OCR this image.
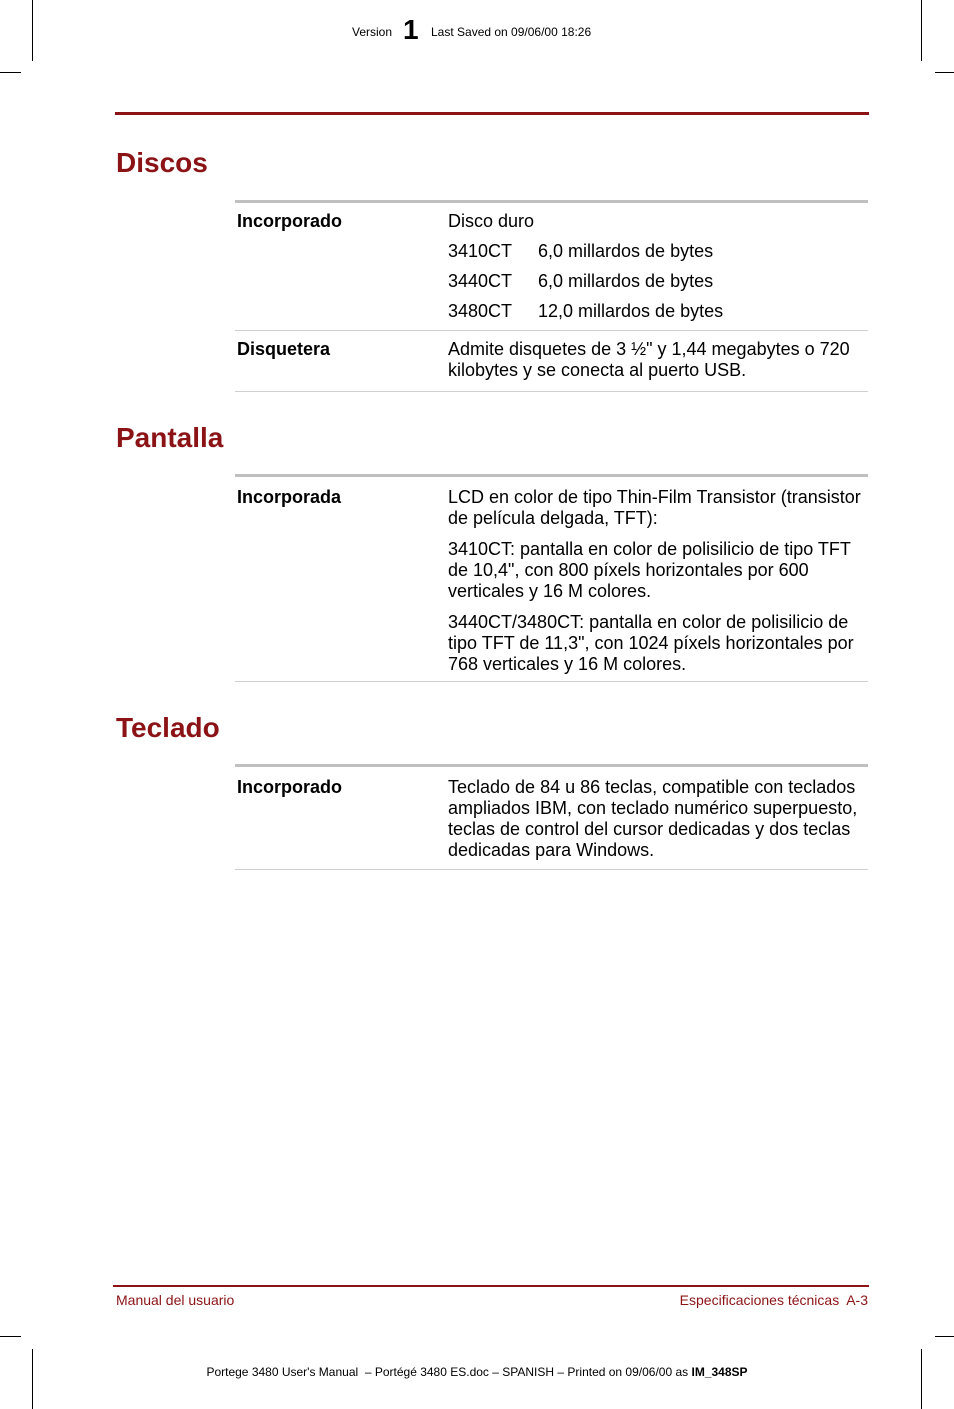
Version 1 Last Saved on 09/06/00 18:26
Discos
Incorporado	Disco duro

3410CT	6,0 millardos de bytes
3440CT	6,0 millardos de bytes
3480CT	12,0 millardos de bytes
Disquetera	Admite disquetes de 3 ½" y 1,44 megabytes o 720 kilobytes y se conecta al puerto USB.
Pantalla
Incorporada	LCD en color de tipo Thin-Film Transistor (transistor de película delgada, TFT):

3410CT: pantalla en color de polisilicio de tipo TFT de 10,4", con 800 píxels horizontales por 600 verticales y 16 M colores.

3440CT/3480CT: pantalla en color de polisilicio de tipo TFT de 11,3", con 1024 píxels horizontales por 768 verticales y 16 M colores.

Teclado
Incorporado	Teclado de 84 u 86 teclas, compatible con teclados ampliados IBM, con teclado numérico superpuesto, teclas de control del cursor dedicadas y dos teclas dedicadas para Windows.
Manual del usuario	Especificaciones técnicas  A-3
Portege 3480 User's Manual  – Portégé 3480 ES.doc – SPANISH – Printed on 09/06/00 as IM_348SP
